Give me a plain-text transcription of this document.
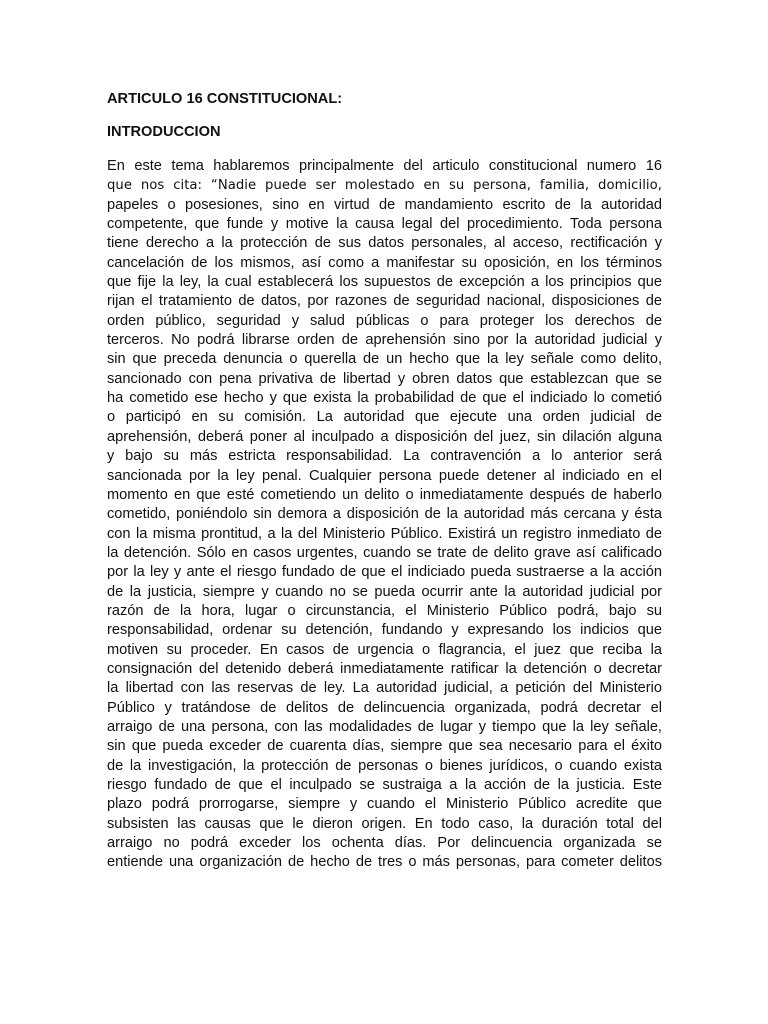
ARTICULO 16 CONSTITUCIONAL:
INTRODUCCION
En este tema hablaremos principalmente del articulo constitucional numero 16
que nos cita: “Nadie puede ser molestado en su persona, familia, domicilio,
papeles o posesiones, sino en virtud de mandamiento escrito de la autoridad
competente, que funde y motive la causa legal del procedimiento. Toda persona
tiene derecho a la protección de sus datos personales, al acceso, rectificación y
cancelación de los mismos, así como a manifestar su oposición, en los términos
que fije la ley, la cual establecerá los supuestos de excepción a los principios que
rijan el tratamiento de datos, por razones de seguridad nacional, disposiciones de
orden público, seguridad y salud públicas o para proteger los derechos de
terceros. No podrá librarse orden de aprehensión sino por la autoridad judicial y
sin que preceda denuncia o querella de un hecho que la ley señale como delito,
sancionado con pena privativa de libertad y obren datos que establezcan que se
ha cometido ese hecho y que exista la probabilidad de que el indiciado lo cometió
o participó en su comisión. La autoridad que ejecute una orden judicial de
aprehensión, deberá poner al inculpado a disposición del juez, sin dilación alguna
y bajo su más estricta responsabilidad. La contravención a lo anterior será
sancionada por la ley penal. Cualquier persona puede detener al indiciado en el
momento en que esté cometiendo un delito o inmediatamente después de haberlo
cometido, poniéndolo sin demora a disposición de la autoridad más cercana y ésta
con la misma prontitud, a la del Ministerio Público. Existirá un registro inmediato de
la detención. Sólo en casos urgentes, cuando se trate de delito grave así calificado
por la ley y ante el riesgo fundado de que el indiciado pueda sustraerse a la acción
de la justicia, siempre y cuando no se pueda ocurrir ante la autoridad judicial por
razón de la hora, lugar o circunstancia, el Ministerio Público podrá, bajo su
responsabilidad, ordenar su detención, fundando y expresando los indicios que
motiven su proceder. En casos de urgencia o flagrancia, el juez que reciba la
consignación del detenido deberá inmediatamente ratificar la detención o decretar
la libertad con las reservas de ley. La autoridad judicial, a petición del Ministerio
Público y tratándose de delitos de delincuencia organizada, podrá decretar el
arraigo de una persona, con las modalidades de lugar y tiempo que la ley señale,
sin que pueda exceder de cuarenta días, siempre que sea necesario para el éxito
de la investigación, la protección de personas o bienes jurídicos, o cuando exista
riesgo fundado de que el inculpado se sustraiga a la acción de la justicia. Este
plazo podrá prorrogarse, siempre y cuando el Ministerio Público acredite que
subsisten las causas que le dieron origen. En todo caso, la duración total del
arraigo no podrá exceder los ochenta días. Por delincuencia organizada se
entiende una organización de hecho de tres o más personas, para cometer delitos
